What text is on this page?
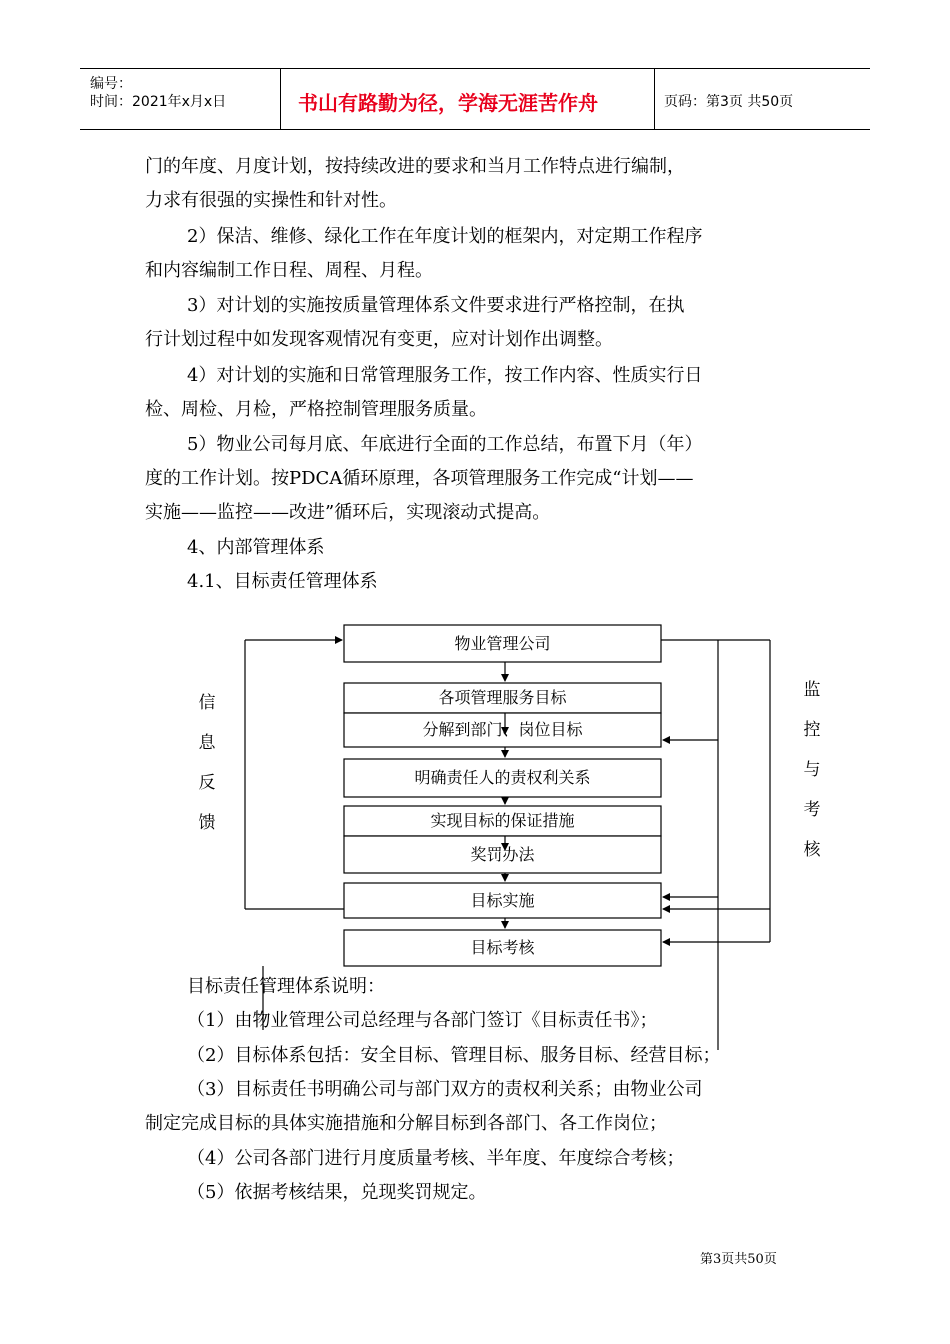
编号：
时间：2021年x月x日	书山有路勤为径，学海无涯苦作舟	页码：第3页 共50页
门的年度、月度计划，按持续改进的要求和当月工作特点进行编制，
力求有很强的实操性和针对性。
2）保洁、维修、绿化工作在年度计划的框架内，对定期工作程序
和内容编制工作日程、周程、月程。
3）对计划的实施按质量管理体系文件要求进行严格控制，在执
行计划过程中如发现客观情况有变更，应对计划作出调整。
4）对计划的实施和日常管理服务工作，按工作内容、性质实行日
检、周检、月检，严格控制管理服务质量。
5）物业公司每月底、年底进行全面的工作总结，布置下月（年）
度的工作计划。按PDCA循环原理，各项管理服务工作完成“计划——
实施——监控——改进”循环后，实现滚动式提高。
4、内部管理体系
4.1、目标责任管理体系
物业管理公司
各项管理服务目标
分解到部门、岗位目标
明确责任人的责权利关系
实现目标的保证措施
奖罚办法
目标实施
目标考核
信
息
反
馈
监
控
与
考
核
目标责任管理体系说明：
（1）由物业管理公司总经理与各部门签订《目标责任书》；
（2）目标体系包括：安全目标、管理目标、服务目标、经营目标；
（3）目标责任书明确公司与部门双方的责权利关系；由物业公司
制定完成目标的具体实施措施和分解目标到各部门、各工作岗位；
（4）公司各部门进行月度质量考核、半年度、年度综合考核；
（5）依据考核结果，兑现奖罚规定。
第3页共50页
